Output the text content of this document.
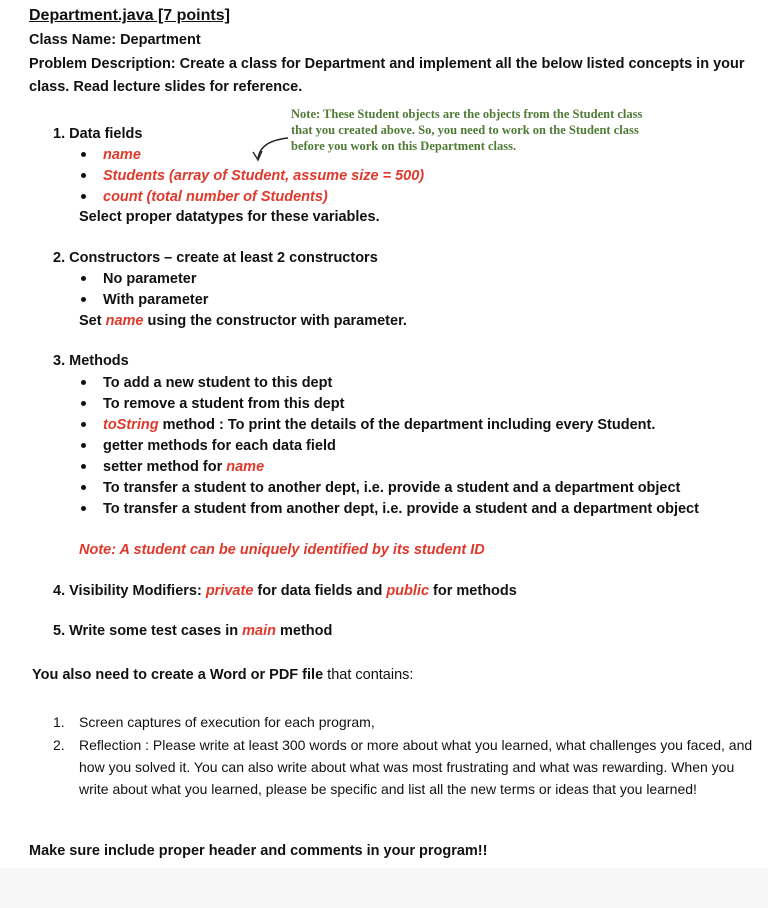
Department.java [7 points]
Class Name: Department
Problem Description: Create a class for Department and implement all the below listed concepts in your
class. Read lecture slides for reference.
Note: These Student objects are the objects from the Student class
that you created above. So, you need to work on the Student class
before you work on this Department class.
1. Data fields
name
Students (array of Student, assume size = 500)
count (total number of Students)
Select proper datatypes for these variables.
2. Constructors – create at least 2 constructors
No parameter
With parameter
Set name using the constructor with parameter.
3. Methods
To add a new student to this dept
To remove a student from this dept
toString method : To print the details of the department including every Student.
getter methods for each data field
setter method for name
To transfer a student to another dept, i.e. provide a student and a department object
To transfer a student from another dept, i.e. provide a student and a department object
Note: A student can be uniquely identified by its student ID
4. Visibility Modifiers: private for data fields and public for methods
5. Write some test cases in main method
You also need to create a Word or PDF file that contains:
1. Screen captures of execution for each program,
2. Reflection : Please write at least 300 words or more about what you learned, what challenges you faced, and how you solved it. You can also write about what was most frustrating and what was rewarding. When you write about what you learned, please be specific and list all the new terms or ideas that you learned!
Make sure include proper header and comments in your program!!
